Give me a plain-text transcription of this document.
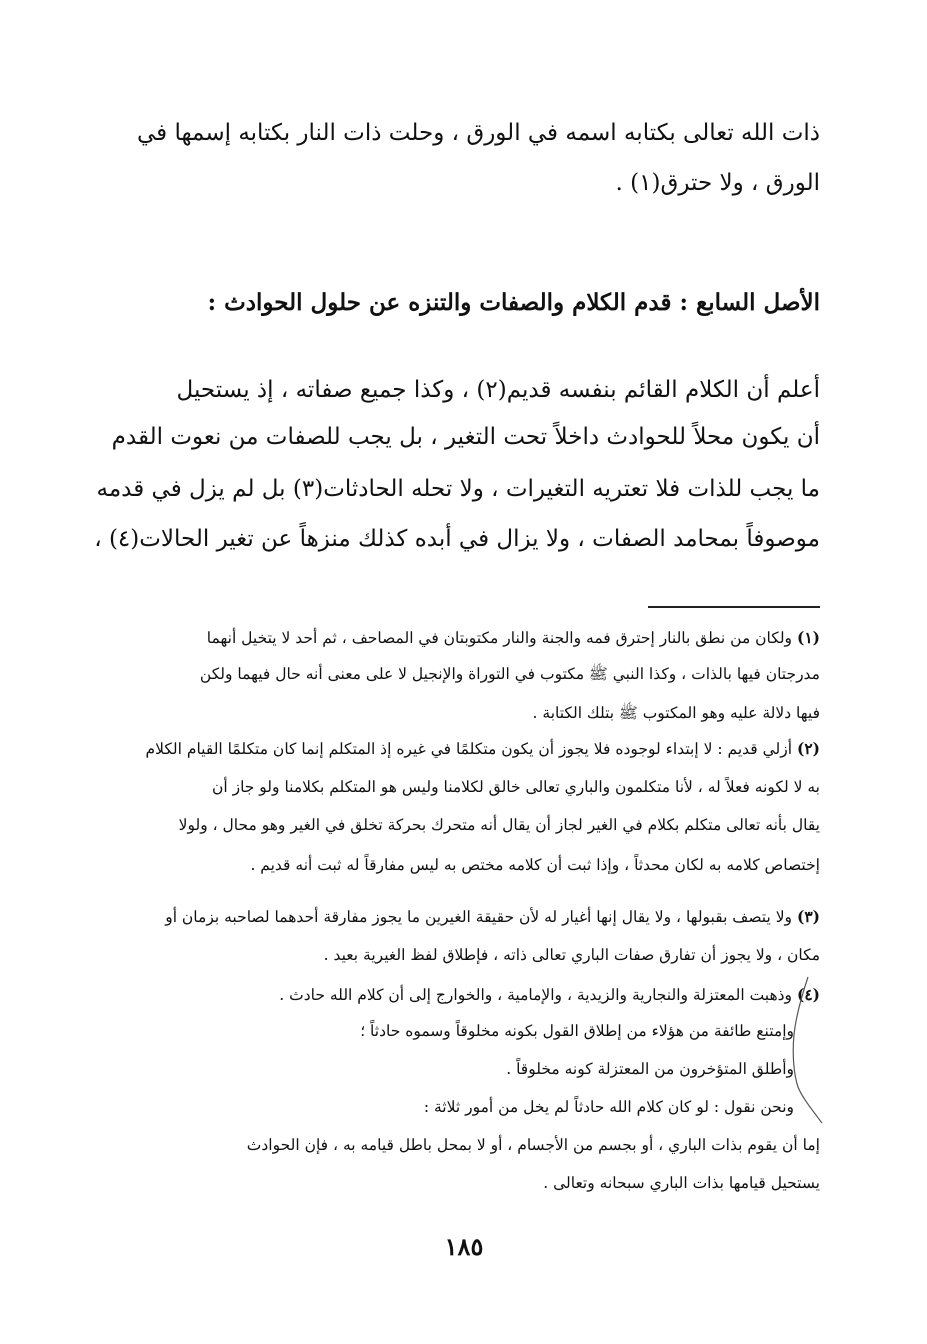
ذات الله تعالى بكتابه اسمه في الورق ، وحلت ذات النار بكتابه إسمها في
الورق ، ولا حترق(١) .
الأصل السابع : قدم الكلام والصفات والتنزه عن حلول الحوادث :
أعلم أن الكلام القائم بنفسه قديم(٢) ، وكذا جميع صفاته ، إذ يستحيل
أن يكون محلاً للحوادث داخلاً تحت التغير ، بل يجب للصفات من نعوت القدم
ما يجب للذات فلا تعتريه التغيرات ، ولا تحله الحادثات(٣) بل لم يزل في قدمه
موصوفاً بمحامد الصفات ، ولا يزال في أبده كذلك منزهاً عن تغير الحالات(٤) ،
(١) ولكان من نطق بالنار إحترق فمه والجنة والنار مكتوبتان في المصاحف ، ثم أحد لا يتخيل أنهما
مدرجتان فيها بالذات ، وكذا النبي ﷺ مكتوب في التوراة والإنجيل لا على معنى أنه حال فيهما ولكن
فيها دلالة عليه وهو المكتوب ﷺ بتلك الكتابة .
(٢) أزلي قديم : لا إبتداء لوجوده فلا يجوز أن يكون متكلمًا في غيره إذ المتكلم إنما كان متكلمًا القيام الكلام
به لا لكونه فعلاً له ، لأنا متكلمون والباري تعالى خالق لكلامنا وليس هو المتكلم بكلامنا ولو جاز أن
يقال بأنه تعالى متكلم بكلام في الغير لجاز أن يقال أنه متحرك بحركة تخلق في الغير وهو محال ، ولولا
إختصاص كلامه به لكان محدثاً ، وإذا ثبت أن كلامه مختص به ليس مفارقاً له ثبت أنه قديم .
(٣) ولا يتصف بقبولها ، ولا يقال إنها أغيار له لأن حقيقة الغيرين ما يجوز مفارقة أحدهما لصاحبه بزمان أو
مكان ، ولا يجوز أن تفارق صفات الباري تعالى ذاته ، فإطلاق لفظ الغيرية بعيد .
(٤) وذهبت المعتزلة والنجارية والزيدية ، والإمامية ، والخوارج إلى أن كلام الله حادث .
وإمتنع طائفة من هؤلاء من إطلاق القول بكونه مخلوقاً وسموه حادثاً ؛
وأطلق المتؤخرون من المعتزلة كونه مخلوقاً .
ونحن نقول : لو كان كلام الله حادثاً لم يخل من أمور ثلاثة :
إما أن يقوم بذات الباري ، أو بجسم من الأجسام ، أو لا بمحل باطل قيامه به ، فإن الحوادث
يستحيل قيامها بذات الباري سبحانه وتعالى .
١٨٥
